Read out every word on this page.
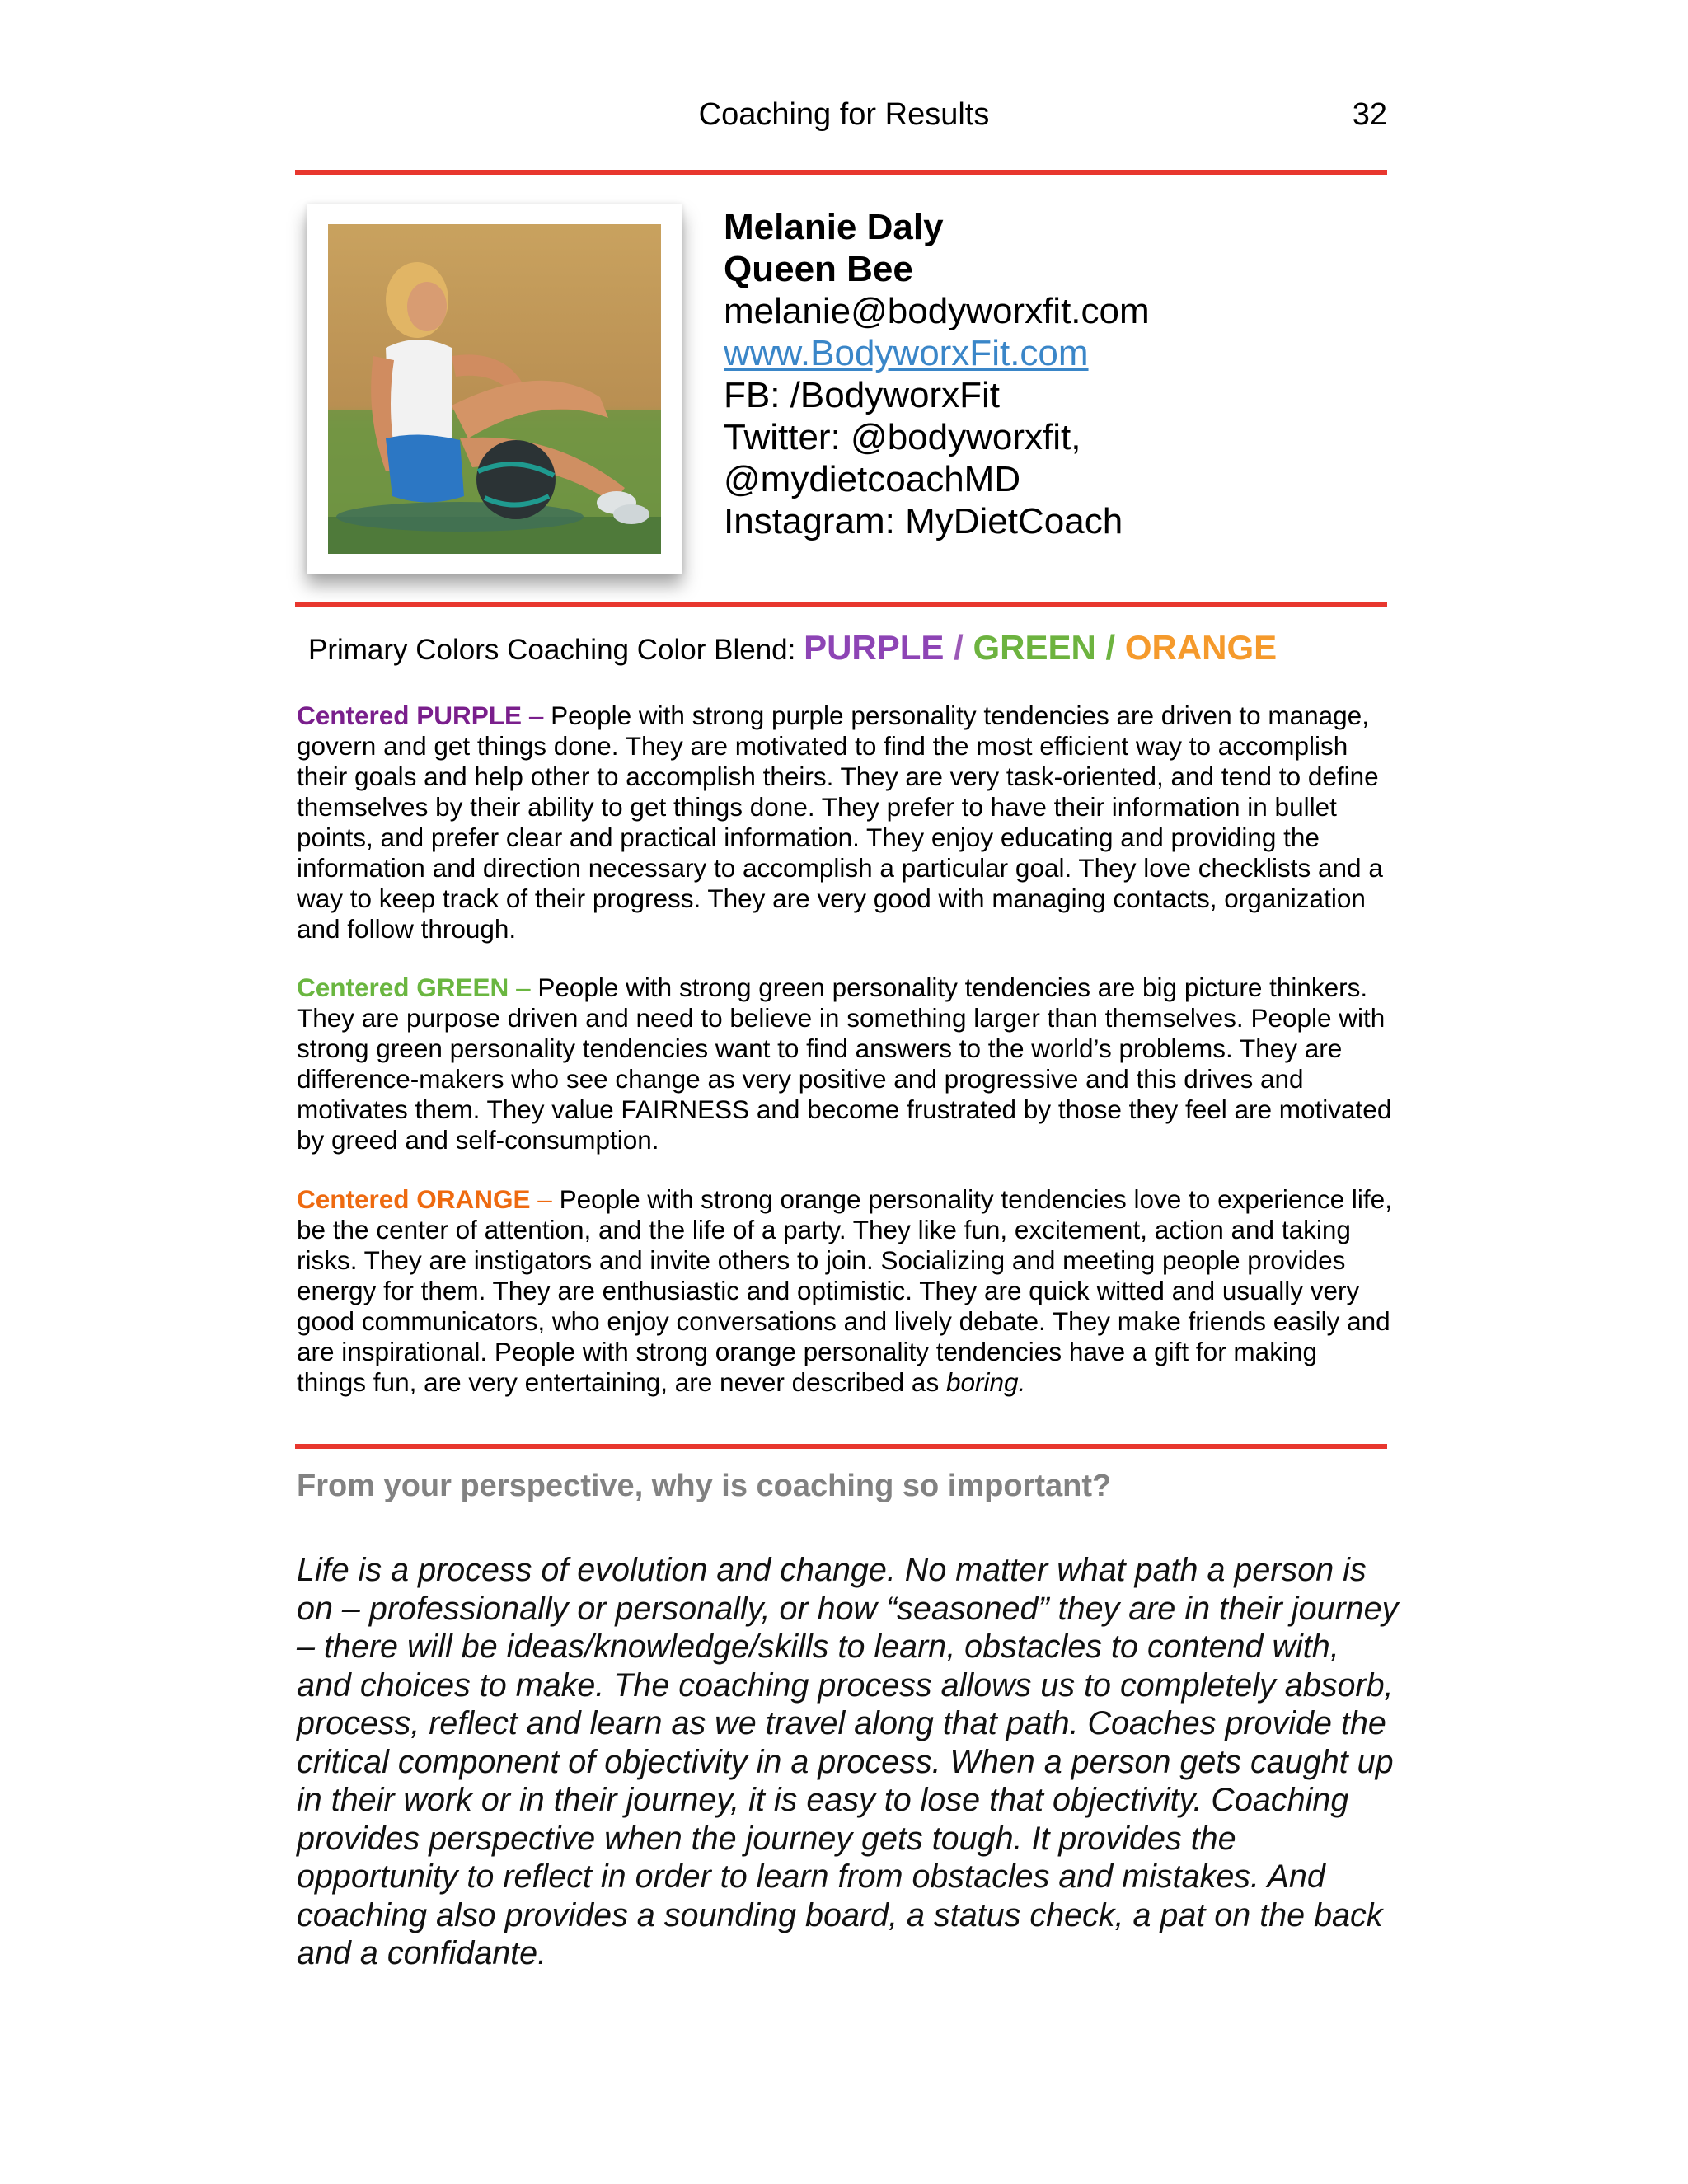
Coaching for Results	32
Melanie Daly
Queen Bee
melanie@bodyworxfit.com
www.BodyworxFit.com
FB: /BodyworxFit
Twitter: @bodyworxfit,
@mydietcoachMD
Instagram: MyDietCoach
Primary Colors Coaching Color Blend: PURPLE / GREEN / ORANGE
Centered PURPLE – People with strong purple personality tendencies are driven to manage, govern and get things done. They are motivated to find the most efficient way to accomplish their goals and help other to accomplish theirs. They are very task-oriented, and tend to define themselves by their ability to get things done. They prefer to have their information in bullet points, and prefer clear and practical information. They enjoy educating and providing the information and direction necessary to accomplish a particular goal. They love checklists and a way to keep track of their progress. They are very good with managing contacts, organization and follow through.
Centered GREEN – People with strong green personality tendencies are big picture thinkers. They are purpose driven and need to believe in something larger than themselves. People with strong green personality tendencies want to find answers to the world’s problems. They are difference-makers who see change as very positive and progressive and this drives and motivates them. They value FAIRNESS and become frustrated by those they feel are motivated by greed and self-consumption.
Centered ORANGE – People with strong orange personality tendencies love to experience life, be the center of attention, and the life of a party. They like fun, excitement, action and taking risks. They are instigators and invite others to join. Socializing and meeting people provides energy for them. They are enthusiastic and optimistic. They are quick witted and usually very good communicators, who enjoy conversations and lively debate. They make friends easily and are inspirational. People with strong orange personality tendencies have a gift for making things fun, are very entertaining, are never described as boring.
From your perspective, why is coaching so important?
Life is a process of evolution and change. No matter what path a person is on – professionally or personally, or how “seasoned” they are in their journey – there will be ideas/knowledge/skills to learn, obstacles to contend with, and choices to make. The coaching process allows us to completely absorb, process, reflect and learn as we travel along that path. Coaches provide the critical component of objectivity in a process. When a person gets caught up in their work or in their journey, it is easy to lose that objectivity. Coaching provides perspective when the journey gets tough. It provides the opportunity to reflect in order to learn from obstacles and mistakes. And coaching also provides a sounding board, a status check, a pat on the back and a confidante.
